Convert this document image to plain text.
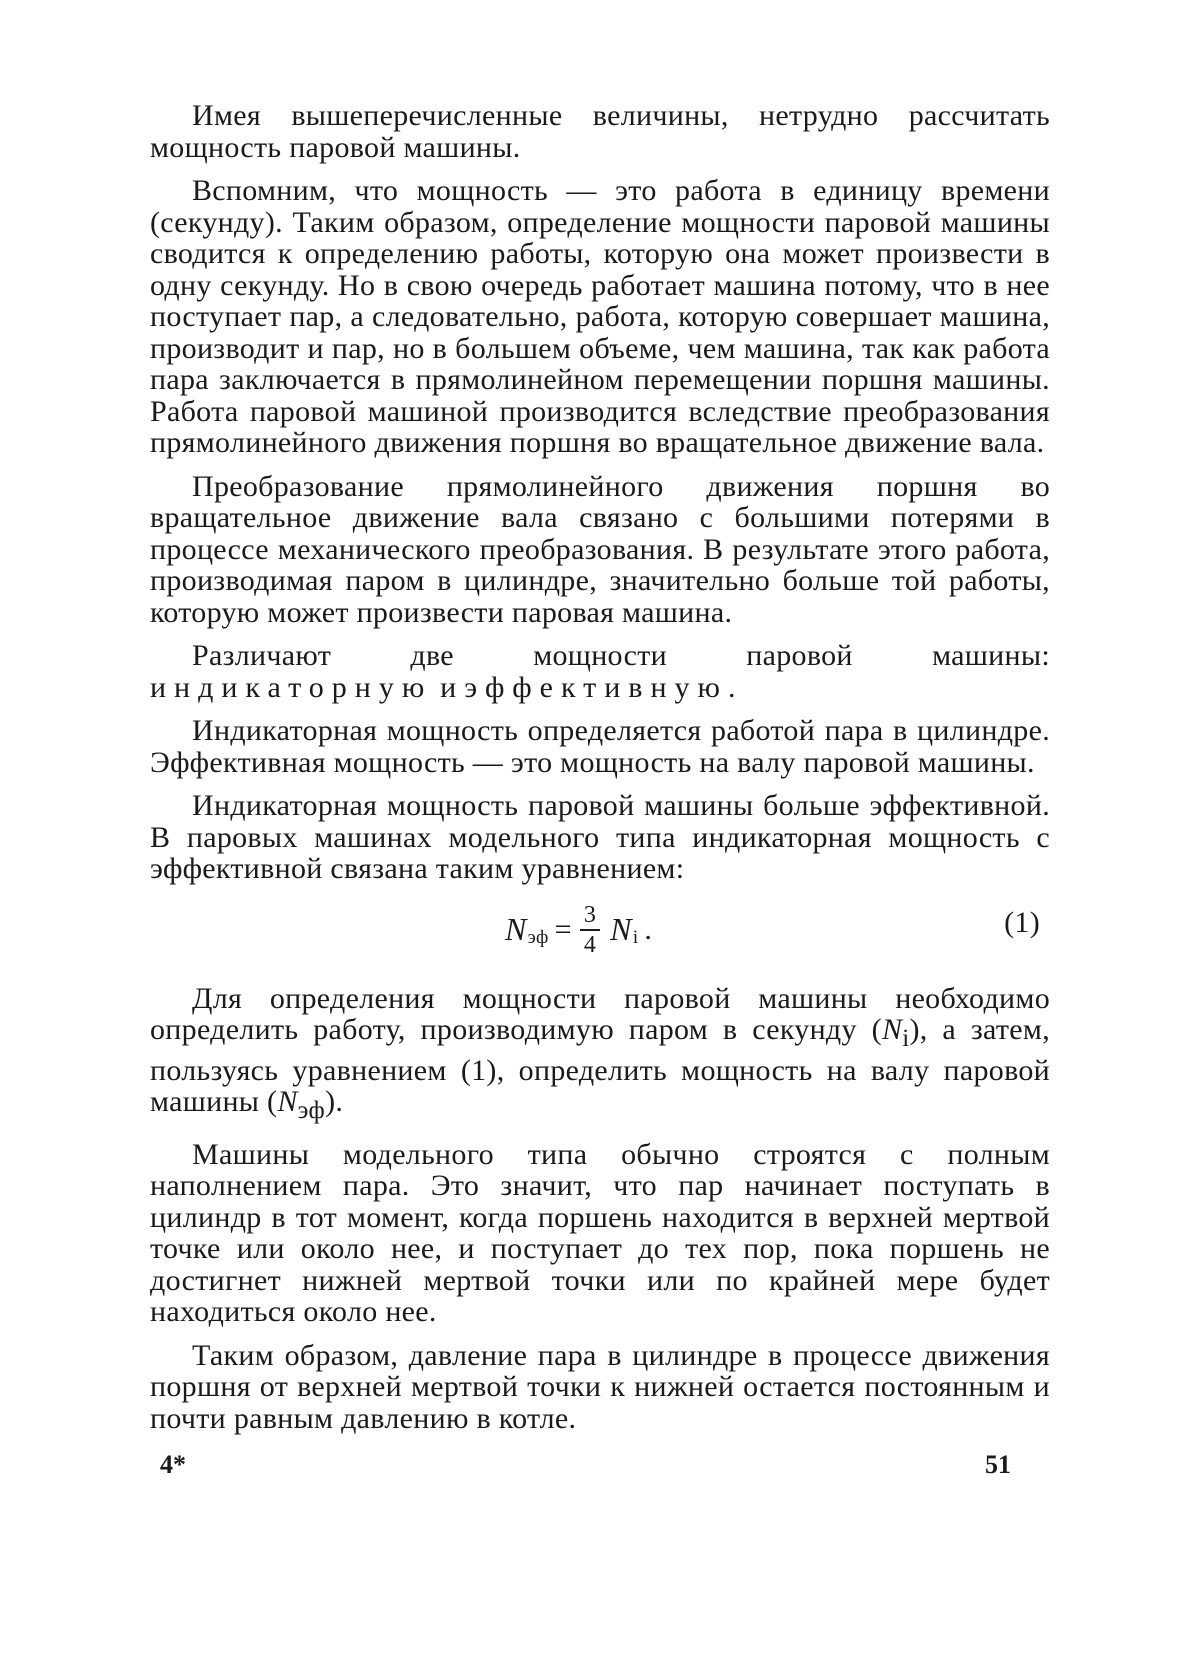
Имея вышеперечисленные величины, нетрудно рассчитать мощность паровой машины.

Вспомним, что мощность — это работа в единицу времени (секунду). Таким образом, определение мощности паровой машины сводится к определению работы, которую она может произвести в одну секунду. Но в свою очередь работает машина потому, что в нее поступает пар, а следовательно, работа, которую совершает машина, производит и пар, но в большем объеме, чем машина, так как работа пара заключается в прямолинейном перемещении поршня машины. Работа паровой машиной производится вследствие преобразования прямолинейного движения поршня во вращательное движение вала.

Преобразование прямолинейного движения поршня во вращательное движение вала связано с большими потерями в процессе механического преобразования. В результате этого работа, производимая паром в цилиндре, значительно больше той работы, которую может произвести паровая машина.

Различают две мощности паровой машины: индикаторную и эффективную.

Индикаторная мощность определяется работой пара в цилиндре. Эффективная мощность — это мощность на валу паровой машины.

Индикаторная мощность паровой машины больше эффективной. В паровых машинах модельного типа индикаторная мощность с эффективной связана таким уравнением:

N эф = $\frac{3}{4}$ N i .	(1)

Для определения мощности паровой машины необходимо определить работу, производимую паром в секунду $(N_i)$, а затем, пользуясь уравнением (1), определить мощность на валу паровой машины $(N_{эф})$.

Машины модельного типа обычно строятся с полным наполнением пара. Это значит, что пар начинает поступать в цилиндр в тот момент, когда поршень находится в верхней мертвой точке или около нее, и поступает до тех пор, пока поршень не достигнет нижней мертвой точки или по крайней мере будет находиться около нее.

Таким образом, давление пара в цилиндре в процессе движения поршня от верхней мертвой точки к нижней остается постоянным и почти равным давлению в котле.

4*	51
